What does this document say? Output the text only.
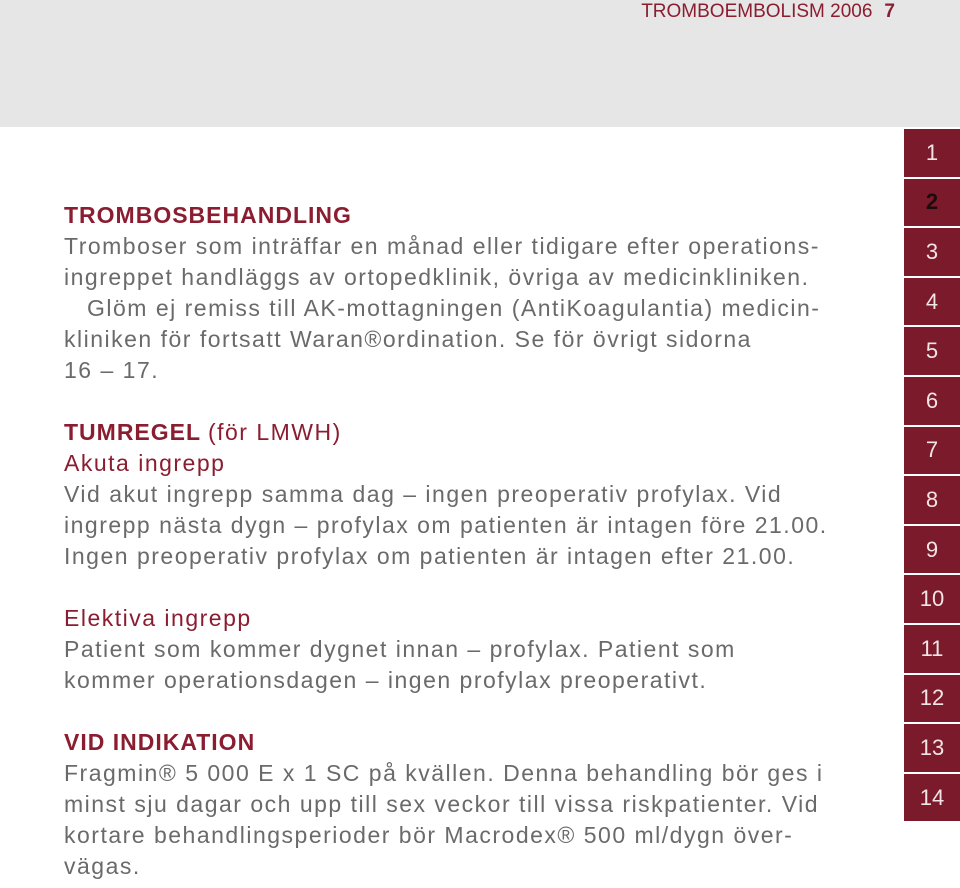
TROMBOEMBOLISM 2006 7
TROMBOSBEHANDLING
Tromboser som inträffar en månad eller tidigare efter operations-
ingreppet handläggs av ortopedklinik, övriga av medicinkliniken.
Glöm ej remiss till AK-mottagningen (AntiKoagulantia) medicin-
kliniken för fortsatt Waran®ordination. Se för övrigt sidorna
16 – 17.
TUMREGEL (för LMWH)
Akuta ingrepp
Vid akut ingrepp samma dag – ingen preoperativ profylax. Vid
ingrepp nästa dygn – profylax om patienten är intagen före 21.00.
Ingen preoperativ profylax om patienten är intagen efter 21.00.
Elektiva ingrepp
Patient som kommer dygnet innan – profylax. Patient som
kommer operationsdagen – ingen profylax preoperativt.
VID INDIKATION
Fragmin® 5 000 E x 1 SC på kvällen. Denna behandling bör ges i
minst sju dagar och upp till sex veckor till vissa riskpatienter. Vid
kortare behandlingsperioder bör Macrodex® 500 ml/dygn över-
vägas.
1
2
3
4
5
6
7
8
9
10
11
12
13
14
